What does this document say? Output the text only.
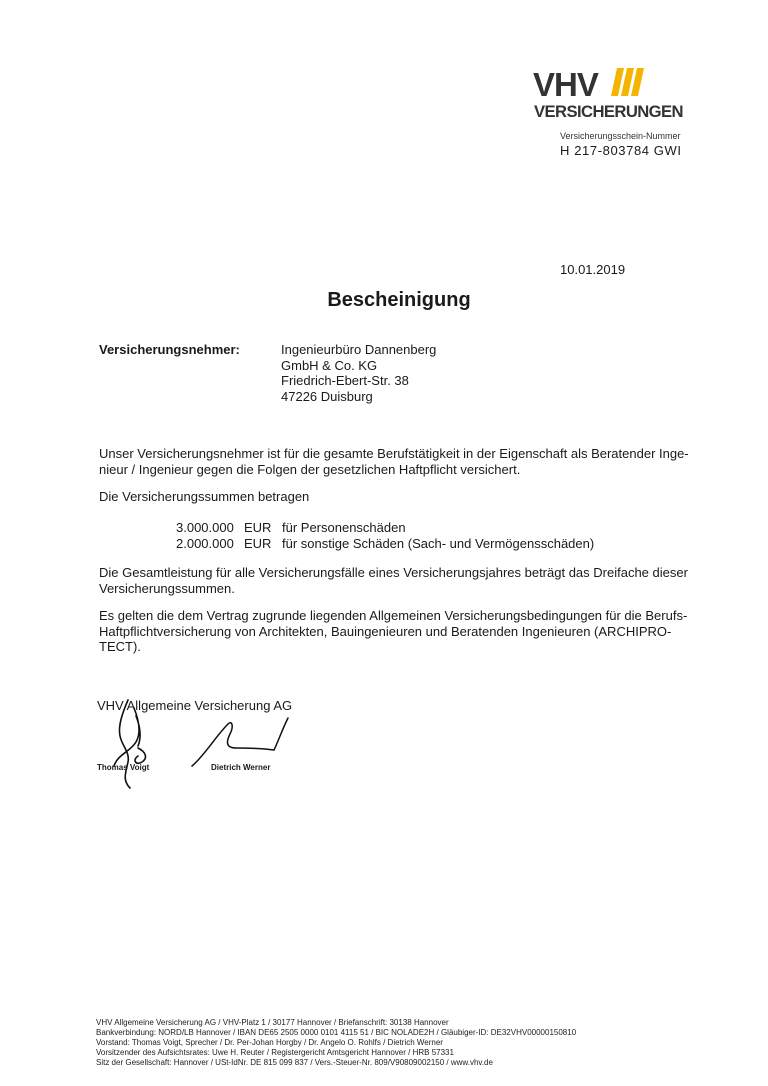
VHV
VERSICHERUNGEN
Versicherungsschein-Nummer
H 217-803784 GWI
10.01.2019
Bescheinigung
Versicherungsnehmer:	Ingenieurbüro Dannenberg
GmbH & Co. KG
Friedrich-Ebert-Str. 38
47226 Duisburg
Unser Versicherungsnehmer ist für die gesamte Berufstätigkeit in der Eigenschaft als Beratender Inge-
nieur / Ingenieur gegen die Folgen der gesetzlichen Haftpflicht versichert.
Die Versicherungssummen betragen
3.000.000 EUR für Personenschäden
2.000.000 EUR für sonstige Schäden (Sach- und Vermögensschäden)
Die Gesamtleistung für alle Versicherungsfälle eines Versicherungsjahres beträgt das Dreifache dieser
Versicherungssummen.
Es gelten die dem Vertrag zugrunde liegenden Allgemeinen Versicherungsbedingungen für die Berufs-
Haftpflichtversicherung von Architekten, Bauingenieuren und Beratenden Ingenieuren (ARCHIPRO-
TECT).
VHV Allgemeine Versicherung AG
Thomas Voigt	Dietrich Werner
VHV Allgemeine Versicherung AG / VHV-Platz 1 / 30177 Hannover / Briefanschrift: 30138 Hannover
Bankverbindung: NORD/LB Hannover / IBAN DE65 2505 0000 0101 4115 51 / BIC NOLADE2H / Gläubiger-ID: DE32VHV00000150810
Vorstand: Thomas Voigt, Sprecher / Dr. Per-Johan Horgby / Dr. Angelo O. Rohlfs / Dietrich Werner
Vorsitzender des Aufsichtsrates: Uwe H. Reuter / Registergericht Amtsgericht Hannover / HRB 57331
Sitz der Gesellschaft: Hannover / USt-IdNr. DE 815 099 837 / Vers.-Steuer-Nr. 809/V90809002150 / www.vhv.de
